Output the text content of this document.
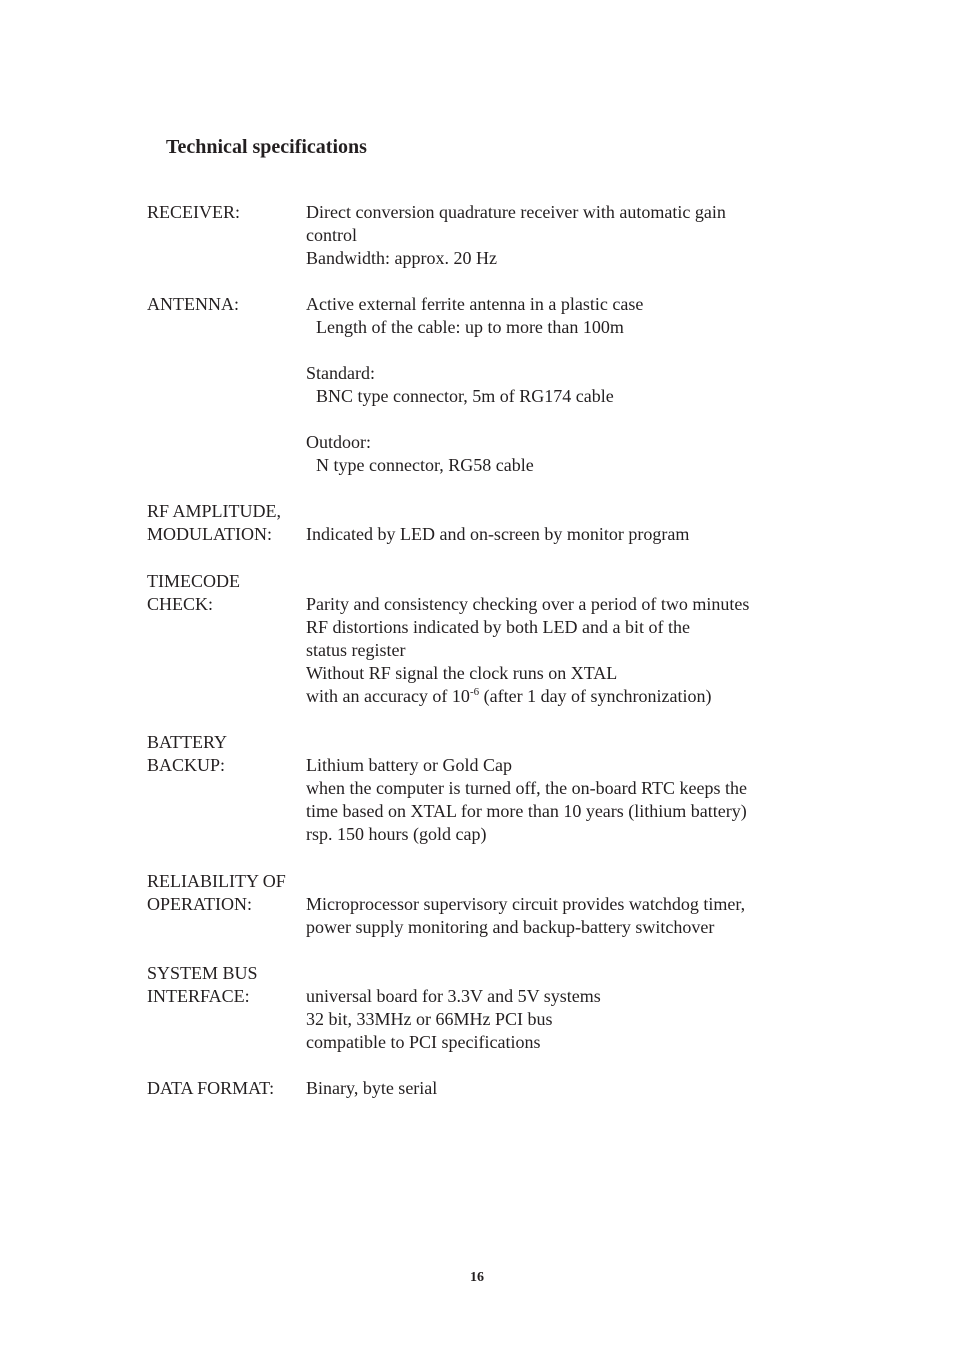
Technical specifications
RECEIVER:	Direct conversion quadrature receiver with automatic gain
control
Bandwidth: approx. 20 Hz
ANTENNA:	Active external ferrite antenna in a plastic case
Length of the cable: up to more than 100m
Standard:
BNC type connector, 5m of RG174 cable
Outdoor:
N type connector, RG58 cable
RF AMPLITUDE,
MODULATION: Indicated by LED and on-screen by monitor program
TIMECODE
CHECK:	Parity and consistency checking over a period of two minutes
RF distortions indicated by both LED and a bit of the
status register
Without RF signal the clock runs on XTAL
with an accuracy of $10^{-6}$ (after 1 day of synchronization)
BATTERY
BACKUP:	Lithium battery or Gold Cap
when the computer is turned off, the on-board RTC keeps the
time based on XTAL for more than 10 years (lithium battery)
rsp. 150 hours (gold cap)
RELIABILITY OF
OPERATION:	Microprocessor supervisory circuit provides watchdog timer,
power supply monitoring and backup-battery switchover
SYSTEM BUS
INTERFACE:	universal board for 3.3V and 5V systems
32 bit, 33MHz or 66MHz PCI bus
compatible to PCI specifications
DATA FORMAT: Binary, byte serial
16
